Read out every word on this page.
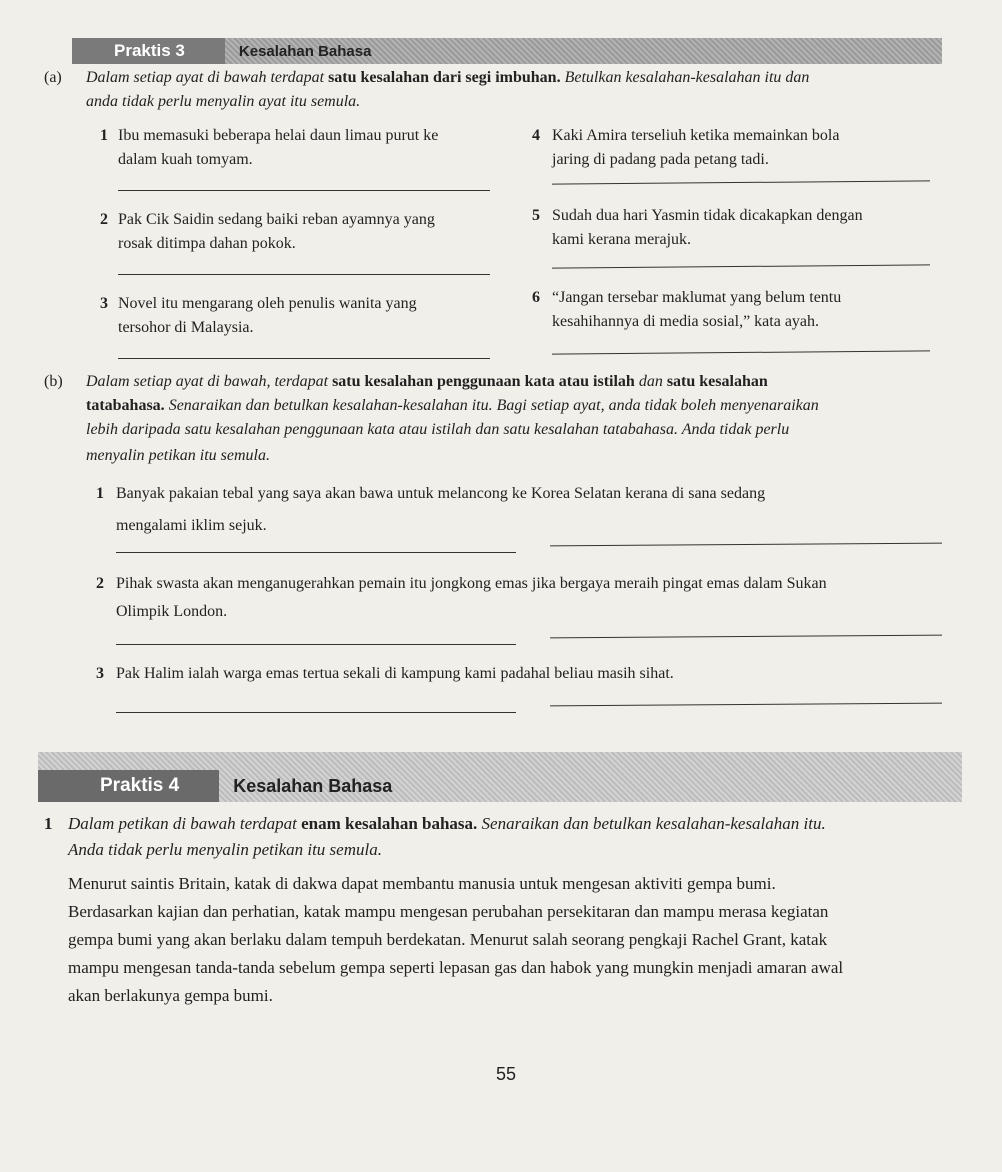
Praktis 3	Kesalahan Bahasa
(a) Dalam setiap ayat di bawah terdapat satu kesalahan dari segi imbuhan. Betulkan kesalahan-kesalahan itu dan
anda tidak perlu menyalin ayat itu semula.
1 Ibu memasuki beberapa helai daun limau purut ke
dalam kuah tomyam.
4 Kaki Amira terseliuh ketika memainkan bola
jaring di padang pada petang tadi.
2 Pak Cik Saidin sedang baiki reban ayamnya yang
rosak ditimpa dahan pokok.
5 Sudah dua hari Yasmin tidak dicakapkan dengan
kami kerana merajuk.
3 Novel itu mengarang oleh penulis wanita yang
tersohor di Malaysia.
6 “Jangan tersebar maklumat yang belum tentu
kesahihannya di media sosial,” kata ayah.
(b) Dalam setiap ayat di bawah, terdapat satu kesalahan penggunaan kata atau istilah dan satu kesalahan
tatabahasa. Senaraikan dan betulkan kesalahan-kesalahan itu. Bagi setiap ayat, anda tidak boleh menyenaraikan
lebih daripada satu kesalahan penggunaan kata atau istilah dan satu kesalahan tatabahasa. Anda tidak perlu
menyalin petikan itu semula.
1 Banyak pakaian tebal yang saya akan bawa untuk melancong ke Korea Selatan kerana di sana sedang
mengalami iklim sejuk.
2 Pihak swasta akan menganugerahkan pemain itu jongkong emas jika bergaya meraih pingat emas dalam Sukan
Olimpik London.
3 Pak Halim ialah warga emas tertua sekali di kampung kami padahal beliau masih sihat.
Praktis 4	Kesalahan Bahasa
1 Dalam petikan di bawah terdapat enam kesalahan bahasa. Senaraikan dan betulkan kesalahan-kesalahan itu.
Anda tidak perlu menyalin petikan itu semula.
Menurut saintis Britain, katak di dakwa dapat membantu manusia untuk mengesan aktiviti gempa bumi.
Berdasarkan kajian dan perhatian, katak mampu mengesan perubahan persekitaran dan mampu merasa kegiatan
gempa bumi yang akan berlaku dalam tempuh berdekatan. Menurut salah seorang pengkaji Rachel Grant, katak
mampu mengesan tanda-tanda sebelum gempa seperti lepasan gas dan habok yang mungkin menjadi amaran awal
akan berlakunya gempa bumi.
55
